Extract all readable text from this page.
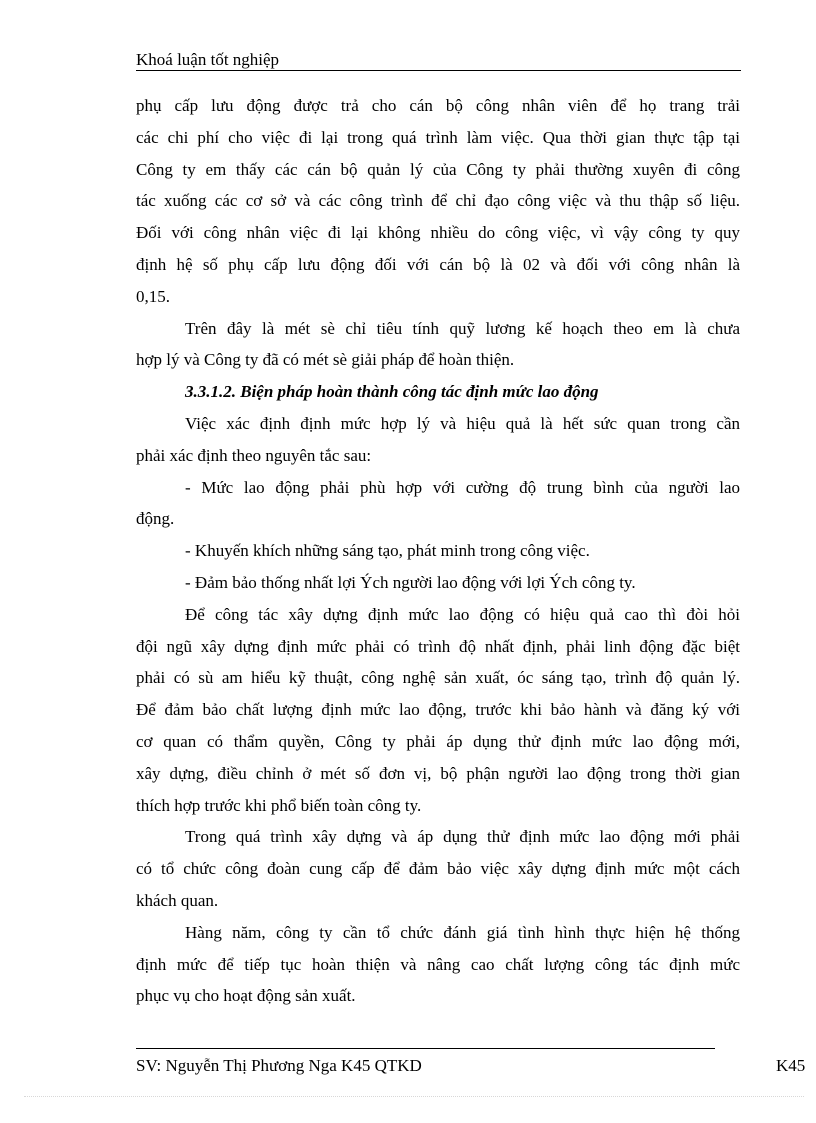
Khoá luận tốt nghiệp
phụ cấp lưu động được trả cho cán bộ công nhân viên để họ trang trải
các chi phí cho việc đi lại trong quá trình làm việc. Qua thời gian thực tập tại
Công ty em thấy các cán bộ quản lý của Công ty phải thường xuyên đi công
tác xuống các cơ sở và các công trình để chỉ đạo công việc và thu thập số liệu.
Đối với công nhân việc đi lại không nhiều do công việc, vì vậy công ty quy
định hệ số phụ cấp lưu động đối với cán bộ là 02 và đối với công nhân là
0,15.
Trên đây là mét sè chỉ tiêu tính quỹ lương kế hoạch theo em là chưa
hợp lý và Công ty đã có mét sè giải pháp để hoàn thiện.
3.3.1.2. Biện pháp hoàn thành công tác định mức lao động
Việc xác định định mức hợp lý và hiệu quả là hết sức quan trong cần
phải xác định theo nguyên tắc sau:
- Mức lao động phải phù hợp với cường độ trung bình của người lao
động.
- Khuyến khích những sáng tạo, phát minh trong công việc.
- Đảm bảo thống nhất lợi Ých người lao động với lợi Ých công ty.
Để công tác xây dựng định mức lao động có hiệu quả cao thì đòi hỏi
đội ngũ xây dựng định mức phải có trình độ nhất định, phải linh động đặc biệt
phải có sù am hiểu kỹ thuật, công nghệ sản xuất, óc sáng tạo, trình độ quản lý.
Để đảm bảo chất lượng định mức lao động, trước khi bảo hành và đăng ký với
cơ quan có thẩm quyền, Công ty phải áp dụng thử định mức lao động mới,
xây dựng, điều chỉnh ở mét số đơn vị, bộ phận người lao động trong thời gian
thích hợp trước khi phổ biến toàn công ty.
Trong quá trình xây dựng và áp dụng thử định mức lao động mới phải
có tổ chức công đoàn cung cấp để đảm bảo việc xây dựng định mức một cách
khách quan.
Hàng năm, công ty cần tổ chức đánh giá tình hình thực hiện hệ thống
định mức để tiếp tục hoàn thiện và nâng cao chất lượng công tác định mức
phục vụ cho hoạt động sản xuất.
SV: Nguyễn Thị Phương Nga K45 QTKD	K45
